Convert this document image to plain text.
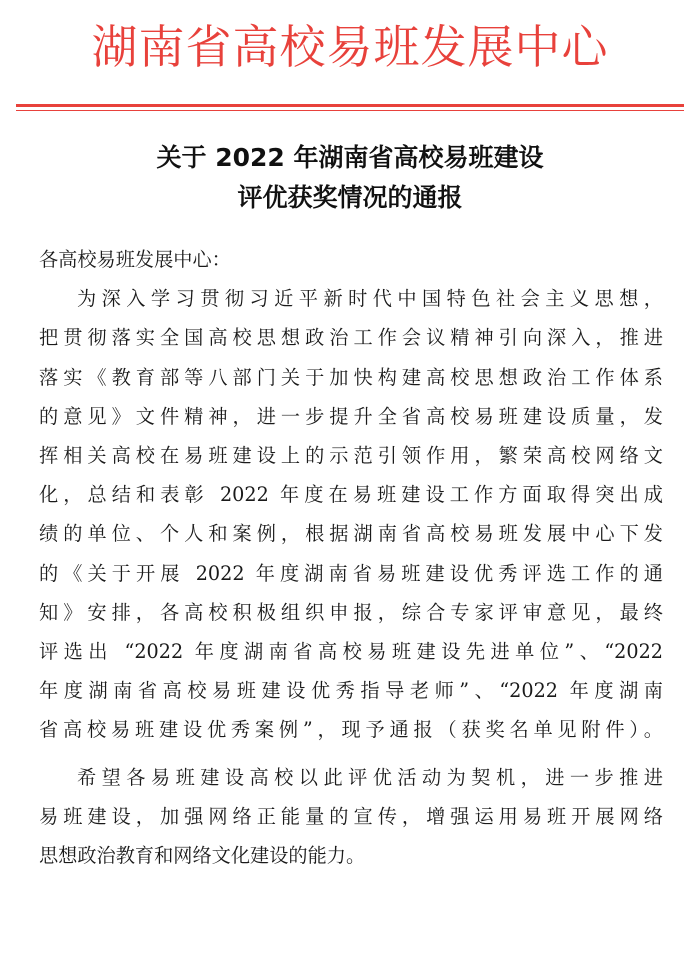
湖南省高校易班发展中心
关于 2022 年湖南省高校易班建设
评优获奖情况的通报
各高校易班发展中心：
为深入学习贯彻习近平新时代中国特色社会主义思想，
把贯彻落实全国高校思想政治工作会议精神引向深入，推进
落实《教育部等八部门关于加快构建高校思想政治工作体系
的意见》文件精神，进一步提升全省高校易班建设质量，发
挥相关高校在易班建设上的示范引领作用，繁荣高校网络文
化，总结和表彰 2022 年度在易班建设工作方面取得突出成
绩的单位、个人和案例，根据湖南省高校易班发展中心下发
的《关于开展 2022 年度湖南省易班建设优秀评选工作的通
知》安排，各高校积极组织申报，综合专家评审意见，最终
评选出 “2022 年度湖南省高校易班建设先进单位”、“2022
年度湖南省高校易班建设优秀指导老师”、“2022 年度湖南
省高校易班建设优秀案例”，现予通报（获奖名单见附件）。
希望各易班建设高校以此评优活动为契机，进一步推进
易班建设，加强网络正能量的宣传，增强运用易班开展网络
思想政治教育和网络文化建设的能力。
